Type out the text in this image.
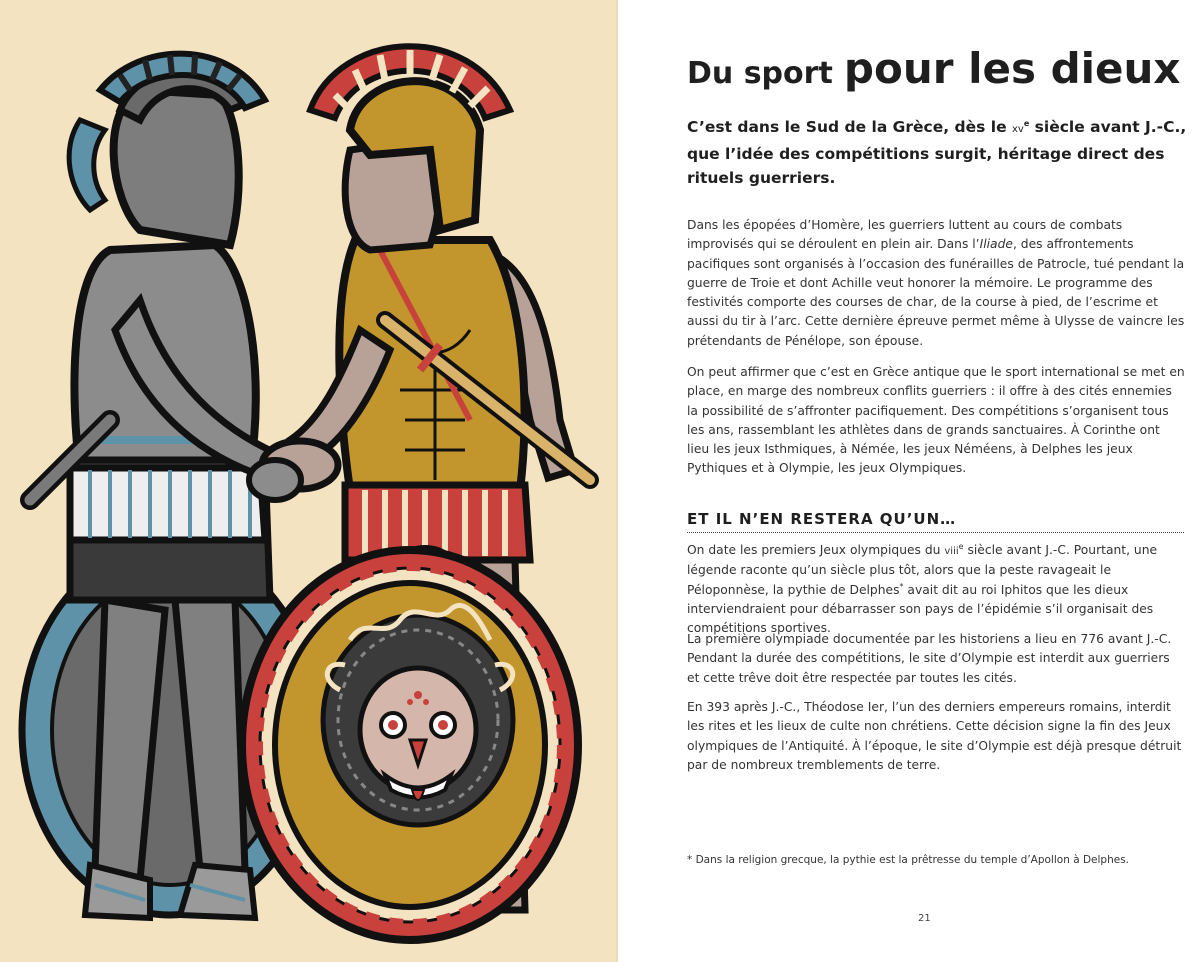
Du sport pour les dieux

C’est dans le Sud de la Grèce, dès le $xv^e$ siècle avant J.-C., que l’idée des compétitions surgit, héritage direct des rituels guerriers.

Dans les épopées d’Homère, les guerriers luttent au cours de combats improvisés qui se déroulent en plein air. Dans l’Iliade, des affrontements pacifiques sont organisés à l’occasion des funérailles de Patrocle, tué pendant la guerre de Troie et dont Achille veut honorer la mémoire. Le programme des festivités comporte des courses de char, de la course à pied, de l’escrime et aussi du tir à l’arc. Cette dernière épreuve permet même à Ulysse de vaincre les prétendants de Pénélope, son épouse.

On peut affirmer que c’est en Grèce antique que le sport international se met en place, en marge des nombreux conflits guerriers : il offre à des cités ennemies la possibilité de s’affronter pacifiquement. Des compétitions s’organisent tous les ans, rassemblant les athlètes dans de grands sanctuaires. À Corinthe ont lieu les jeux Isthmiques, à Némée, les jeux Néméens, à Delphes les jeux Pythiques et à Olympie, les jeux Olympiques.

ET IL N’EN RESTERA QU’UN…

On date les premiers Jeux olympiques du viii$^e$ siècle avant J.-C. Pourtant, une légende raconte qu’un siècle plus tôt, alors que la peste ravageait le Péloponnèse, la pythie de Delphes* avait dit au roi Iphitos que les dieux interviendraient pour débarrasser son pays de l’épidémie s’il organisait des compétitions sportives.

La première olympiade documentée par les historiens a lieu en 776 avant J.-C. Pendant la durée des compétitions, le site d’Olympie est interdit aux guerriers et cette trêve doit être respectée par toutes les cités.

En 393 après J.-C., Théodose Ier, l’un des derniers empereurs romains, interdit les rites et les lieux de culte non chrétiens. Cette décision signe la fin des Jeux olympiques de l’Antiquité. À l’époque, le site d’Olympie est déjà presque détruit par de nombreux tremblements de terre.

* Dans la religion grecque, la pythie est la prêtresse du temple d’Apollon à Delphes.

21
